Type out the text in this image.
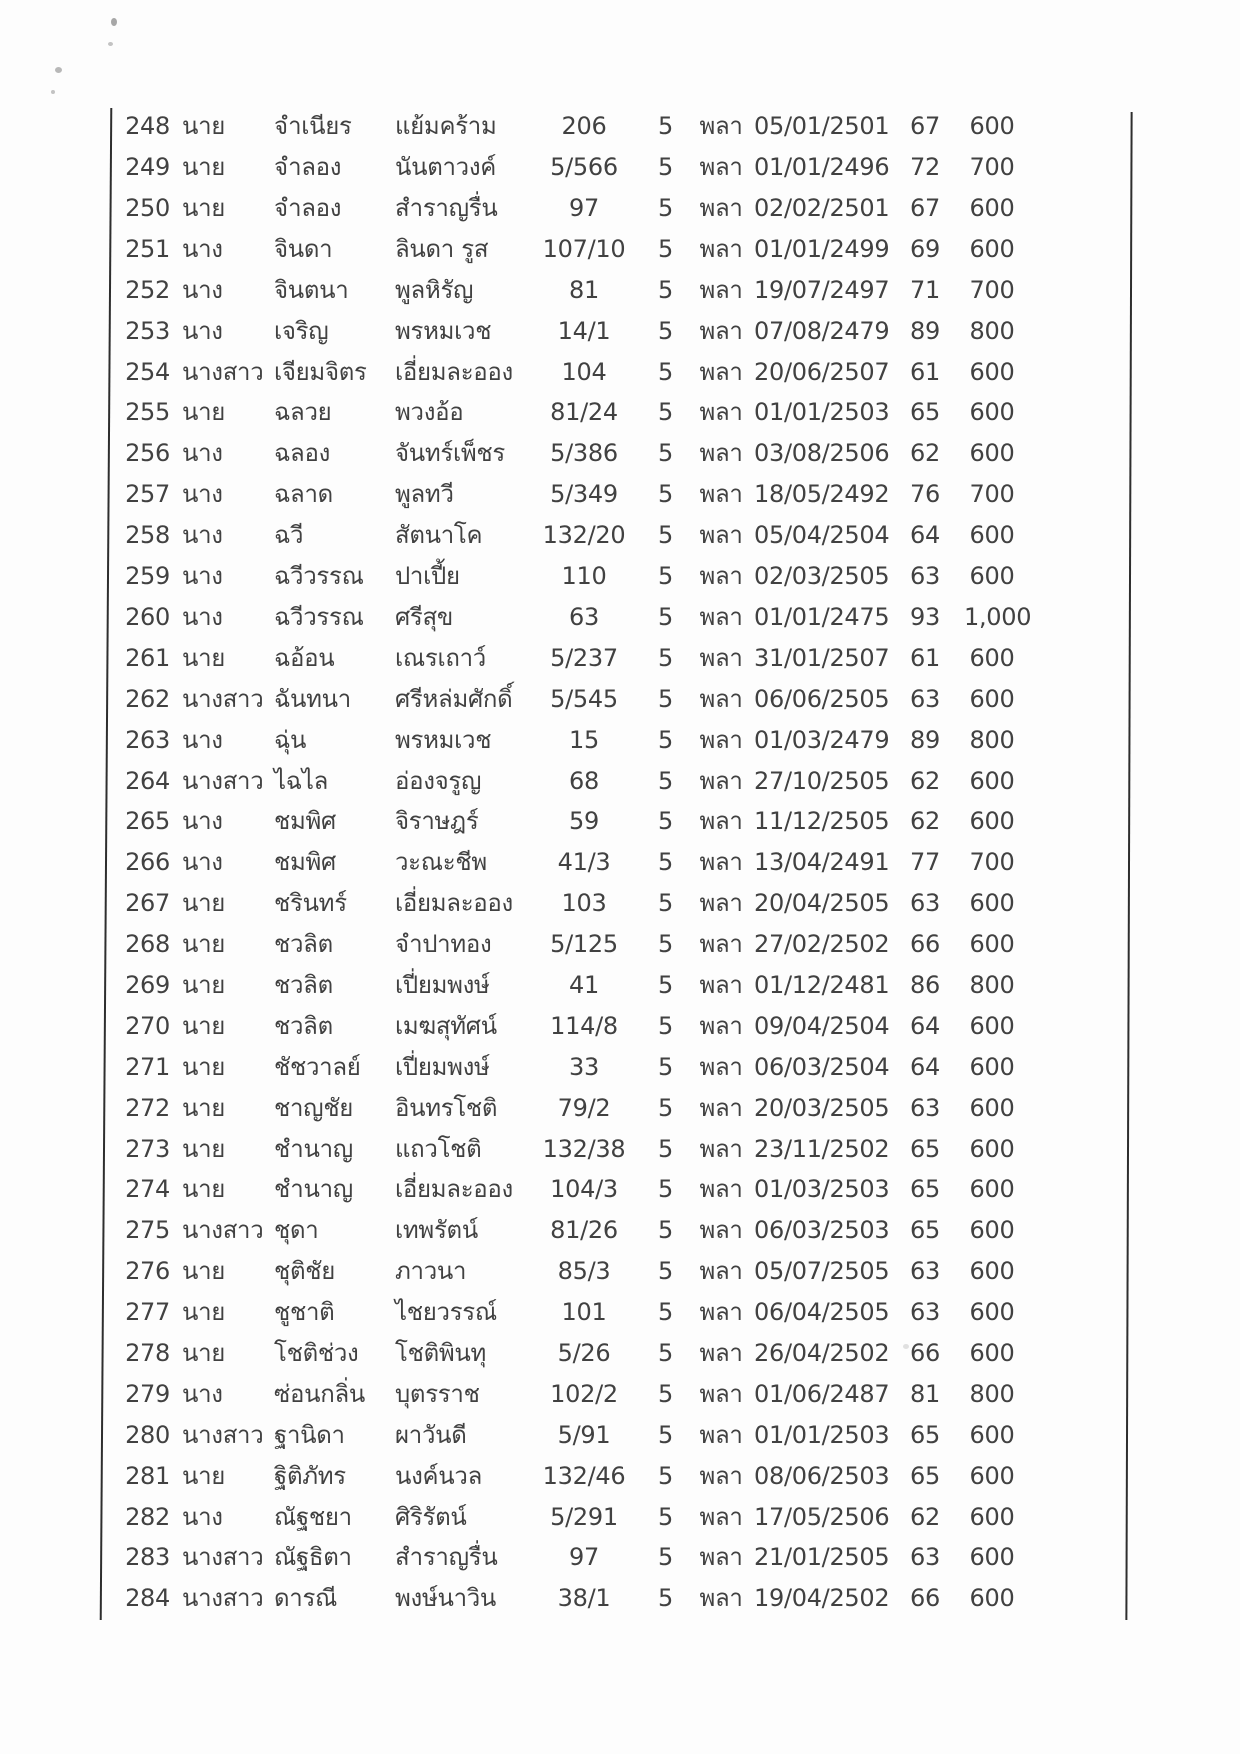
248 นาย	จำเนียร	แย้มคร้าม	206	5	พลา 05/01/2501 67	600
249 นาย	จำลอง	นันตาวงค์	5/566	5	พลา 01/01/2496 72	700
250 นาย	จำลอง	สำราญรื่น	97	5	พลา 02/02/2501 67	600
251 นาง	จินดา	ลินดา รูส	107/10	5	พลา 01/01/2499 69	600
252 นาง	จินตนา	พูลหิรัญ	81	5	พลา 19/07/2497 71	700
253 นาง	เจริญ	พรหมเวช	14/1	5	พลา 07/08/2479 89	800
254 นางสาว เจียมจิตร	เอี่ยมละออง	104	5	พลา 20/06/2507 61	600
255 นาย	ฉลวย	พวงอ้อ	81/24	5	พลา 01/01/2503 65	600
256 นาง	ฉลอง	จันทร์เพ็ชร	5/386	5	พลา 03/08/2506 62	600
257 นาง	ฉลาด	พูลทวี	5/349	5	พลา 18/05/2492 76	700
258 นาง	ฉวี	สัตนาโค	132/20	5	พลา 05/04/2504 64	600
259 นาง	ฉวีวรรณ	ปาเปี้ย	110	5	พลา 02/03/2505 63	600
260 นาง	ฉวีวรรณ	ศรีสุข	63	5	พลา 01/01/2475 93	1,000
261 นาย	ฉอ้อน	เณรเถาว์	5/237	5	พลา 31/01/2507 61	600
262 นางสาว ฉันทนา	ศรีหล่มศักดิ์	5/545	5	พลา 06/06/2505 63	600
263 นาง	ฉุ่น	พรหมเวช	15	5	พลา 01/03/2479 89	800
264 นางสาว ไฉไล	อ่องจรูญ	68	5	พลา 27/10/2505 62	600
265 นาง	ชมพิศ	จิราษฎร์	59	5	พลา 11/12/2505 62	600
266 นาง	ชมพิศ	วะณะชีพ	41/3	5	พลา 13/04/2491 77	700
267 นาย	ชรินทร์	เอี่ยมละออง	103	5	พลา 20/04/2505 63	600
268 นาย	ชวลิต	จำปาทอง	5/125	5	พลา 27/02/2502 66	600
269 นาย	ชวลิต	เปี่ยมพงษ์	41	5	พลา 01/12/2481 86	800
270 นาย	ชวลิต	เมฆสุทัศน์	114/8	5	พลา 09/04/2504 64	600
271 นาย	ชัชวาลย์	เปี่ยมพงษ์	33	5	พลา 06/03/2504 64	600
272 นาย	ชาญชัย	อินทรโชติ	79/2	5	พลา 20/03/2505 63	600
273 นาย	ชำนาญ	แถวโชติ	132/38	5	พลา 23/11/2502 65	600
274 นาย	ชำนาญ	เอี่ยมละออง	104/3	5	พลา 01/03/2503 65	600
275 นางสาว ชุดา	เทพรัตน์	81/26	5	พลา 06/03/2503 65	600
276 นาย	ชุติชัย	ภาวนา	85/3	5	พลา 05/07/2505 63	600
277 นาย	ชูชาติ	ไชยวรรณ์	101	5	พลา 06/04/2505 63	600
278 นาย	โชติช่วง	โชติพินทุ	5/26	5	พลา 26/04/2502 66	600
279 นาง	ซ่อนกลิ่น	บุตรราช	102/2	5	พลา 01/06/2487 81	800
280 นางสาว ฐานิดา	ผาวันดี	5/91	5	พลา 01/01/2503 65	600
281 นาย	ฐิติภัทร	นงค์นวล	132/46	5	พลา 08/06/2503 65	600
282 นาง	ณัฐชยา	ศิริรัตน์	5/291	5	พลา 17/05/2506 62	600
283 นางสาว ณัฐธิตา	สำราญรื่น	97	5	พลา 21/01/2505 63	600
284 นางสาว ดารณี	พงษ์นาวิน	38/1	5	พลา 19/04/2502 66	600
